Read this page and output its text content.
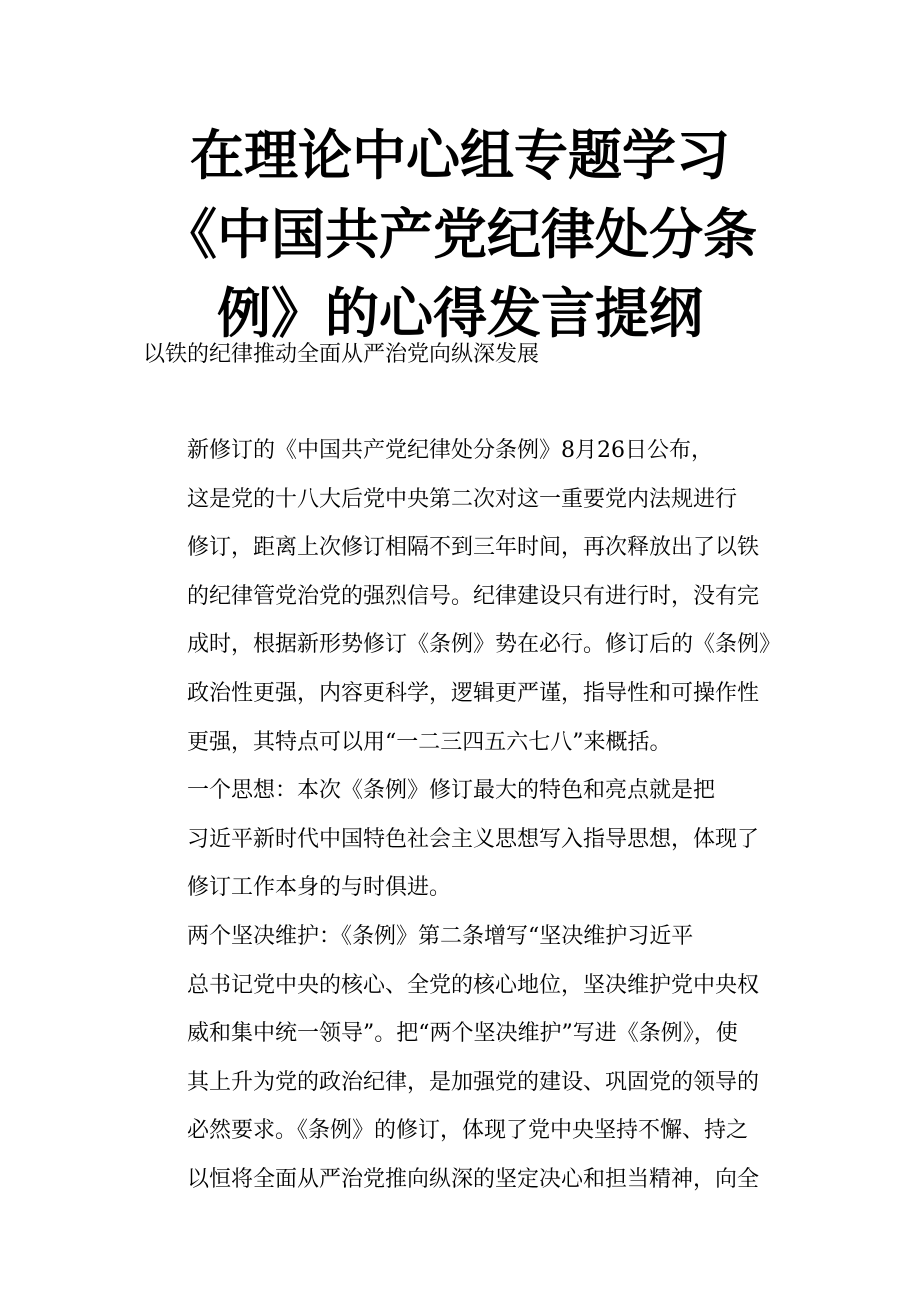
在理论中心组专题学习
《中国共产党纪律处分条
例》的心得发言提纲

以铁的纪律推动全面从严治党向纵深发展

新修订的《中国共产党纪律处分条例》8月26日公布，
这是党的十八大后党中央第二次对这一重要党内法规进行
修订，距离上次修订相隔不到三年时间，再次释放出了以铁
的纪律管党治党的强烈信号。纪律建设只有进行时，没有完
成时，根据新形势修订《条例》势在必行。修订后的《条例》
政治性更强，内容更科学，逻辑更严谨，指导性和可操作性
更强，其特点可以用“一二三四五六七八”来概括。

一个思想：本次《条例》修订最大的特色和亮点就是把
习近平新时代中国特色社会主义思想写入指导思想，体现了
修订工作本身的与时俱进。

两个坚决维护：《条例》第二条增写“坚决维护习近平
总书记党中央的核心、全党的核心地位，坚决维护党中央权
威和集中统一领导”。把“两个坚决维护”写进《条例》，使
其上升为党的政治纪律，是加强党的建设、巩固党的领导的
必然要求。《条例》的修订，体现了党中央坚持不懈、持之
以恒将全面从严治党推向纵深的坚定决心和担当精神，向全
